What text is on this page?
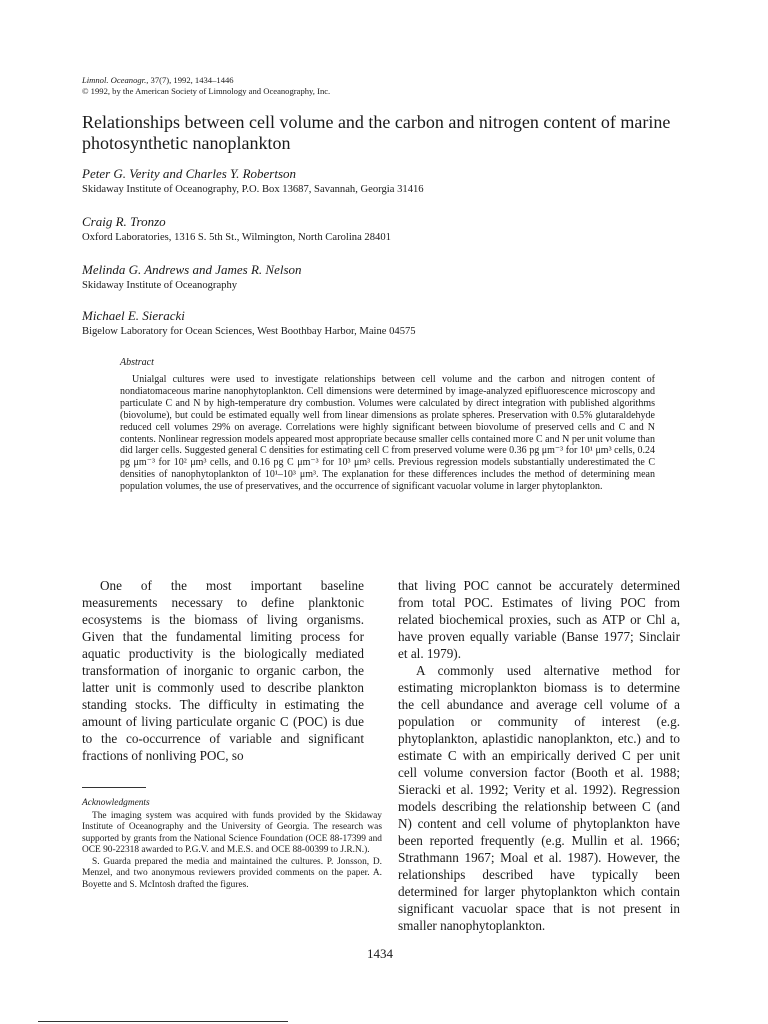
Limnol. Oceanogr., 37(7), 1992, 1434–1446
© 1992, by the American Society of Limnology and Oceanography, Inc.
Relationships between cell volume and the carbon and nitrogen content of marine photosynthetic nanoplankton
Peter G. Verity and Charles Y. Robertson
Skidaway Institute of Oceanography, P.O. Box 13687, Savannah, Georgia 31416
Craig R. Tronzo
Oxford Laboratories, 1316 S. 5th St., Wilmington, North Carolina 28401
Melinda G. Andrews and James R. Nelson
Skidaway Institute of Oceanography
Michael E. Sieracki
Bigelow Laboratory for Ocean Sciences, West Boothbay Harbor, Maine 04575
Abstract

Unialgal cultures were used to investigate relationships between cell volume and the carbon and nitrogen content of nondiatomaceous marine nanophytoplankton. Cell dimensions were determined by image-analyzed epifluorescence microscopy and particulate C and N by high-temperature dry combustion. Volumes were calculated by direct integration with published algorithms (biovolume), but could be estimated equally well from linear dimensions as prolate spheres. Preservation with 0.5% glutaraldehyde reduced cell volumes 29% on average. Correlations were highly significant between biovolume of preserved cells and C and N contents. Nonlinear regression models appeared most appropriate because smaller cells contained more C and N per unit volume than did larger cells. Suggested general C densities for estimating cell C from preserved volume were 0.36 pg μm⁻³ for 10¹ μm³ cells, 0.24 pg μm⁻³ for 10² μm³ cells, and 0.16 pg C μm⁻³ for 10³ μm³ cells. Previous regression models substantially underestimated the C densities of nanophytoplankton of 10¹–10³ μm³. The explanation for these differences includes the method of determining mean population volumes, the use of preservatives, and the occurrence of significant vacuolar volume in larger phytoplankton.

One of the most important baseline measurements necessary to define planktonic ecosystems is the biomass of living organisms. Given that the fundamental limiting process for aquatic productivity is the biologically mediated transformation of inorganic to organic carbon, the latter unit is commonly used to describe plankton standing stocks. The difficulty in estimating the amount of living particulate organic C (POC) is due to the co-occurrence of variable and significant fractions of nonliving POC, so

that living POC cannot be accurately determined from total POC. Estimates of living POC from related biochemical proxies, such as ATP or Chl a, have proven equally variable (Banse 1977; Sinclair et al. 1979).

A commonly used alternative method for estimating microplankton biomass is to determine the cell abundance and average cell volume of a population or community of interest (e.g. phytoplankton, aplastidic nanoplankton, etc.) and to estimate C with an empirically derived C per unit cell volume conversion factor (Booth et al. 1988; Sieracki et al. 1992; Verity et al. 1992). Regression models describing the relationship between C (and N) content and cell volume of phytoplankton have been reported frequently (e.g. Mullin et al. 1966; Strathmann 1967; Moal et al. 1987). However, the relationships described have typically been determined for larger phytoplankton which contain significant vacuolar space that is not present in smaller nanophytoplankton.

Acknowledgments

The imaging system was acquired with funds provided by the Skidaway Institute of Oceanography and the University of Georgia. The research was supported by grants from the National Science Foundation (OCE 88-17399 and OCE 90-22318 awarded to P.G.V. and M.E.S. and OCE 88-00399 to J.R.N.).

S. Guarda prepared the media and maintained the cultures. P. Jonsson, D. Menzel, and two anonymous reviewers provided comments on the paper. A. Boyette and S. McIntosh drafted the figures.

1434
